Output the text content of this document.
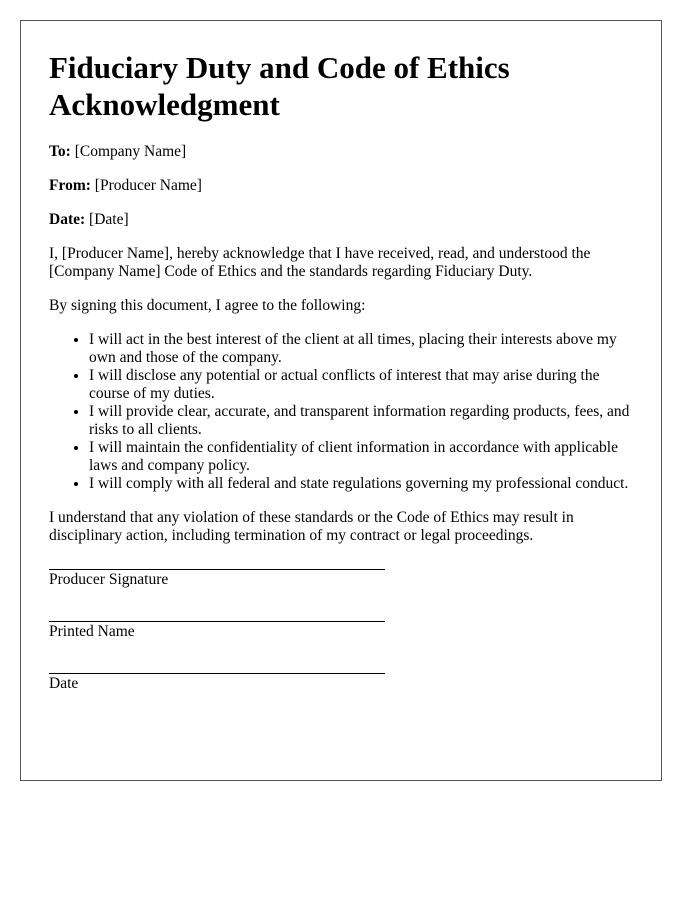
Fiduciary Duty and Code of Ethics Acknowledgment

To: [Company Name]

From: [Producer Name]

Date: [Date]

I, [Producer Name], hereby acknowledge that I have received, read, and understood the [Company Name] Code of Ethics and the standards regarding Fiduciary Duty.

By signing this document, I agree to the following:

• I will act in the best interest of the client at all times, placing their interests above my own and those of the company.
• I will disclose any potential or actual conflicts of interest that may arise during the course of my duties.
• I will provide clear, accurate, and transparent information regarding products, fees, and risks to all clients.
• I will maintain the confidentiality of client information in accordance with applicable laws and company policy.
• I will comply with all federal and state regulations governing my professional conduct.

I understand that any violation of these standards or the Code of Ethics may result in disciplinary action, including termination of my contract or legal proceedings.

Producer Signature
Printed Name
Date
